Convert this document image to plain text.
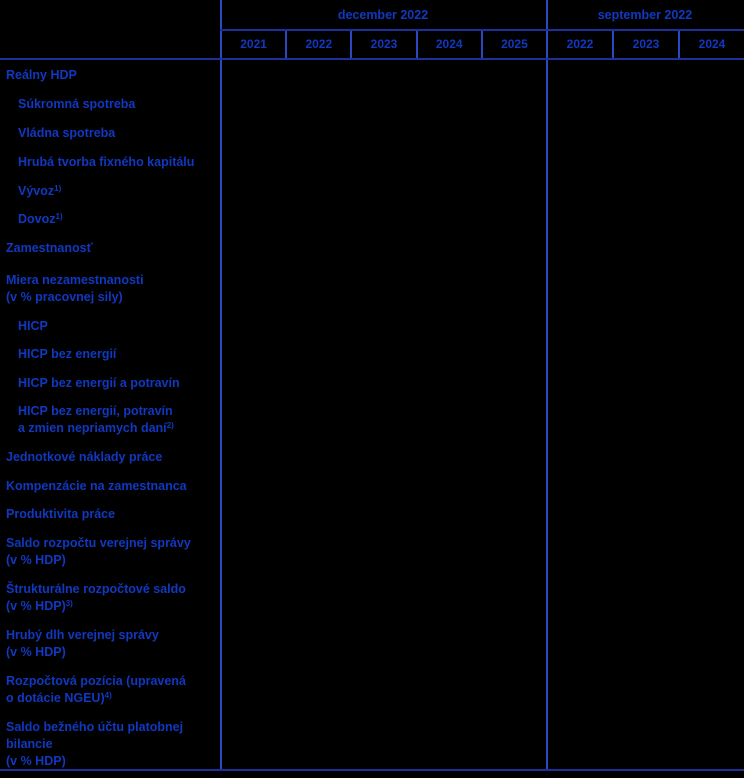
december 2022	september 2022
2021	2022	2023	2024	2025	2022	2023	2024
Reálny HDP
Súkromná spotreba
Vládna spotreba
Hrubá tvorba fixného kapitálu
Vývoz$^{1)}$
Dovoz$^{1)}$
Zamestnanosť
Miera nezamestnanosti
(v % pracovnej sily)
HICP
HICP bez energií
HICP bez energií a potravín
HICP bez energií, potravín
a zmien nepriamych daní$^{2)}$
Jednotkové náklady práce
Kompenzácie na zamestnanca
Produktivita práce
Saldo rozpočtu verejnej správy
(v % HDP)
Štrukturálne rozpočtové saldo
(v % HDP)$^{3)}$
Hrubý dlh verejnej správy
(v % HDP)
Rozpočtová pozícia (upravená
o dotácie NGEU)$^{4)}$
Saldo bežného účtu platobnej
bilancie
(v % HDP)
